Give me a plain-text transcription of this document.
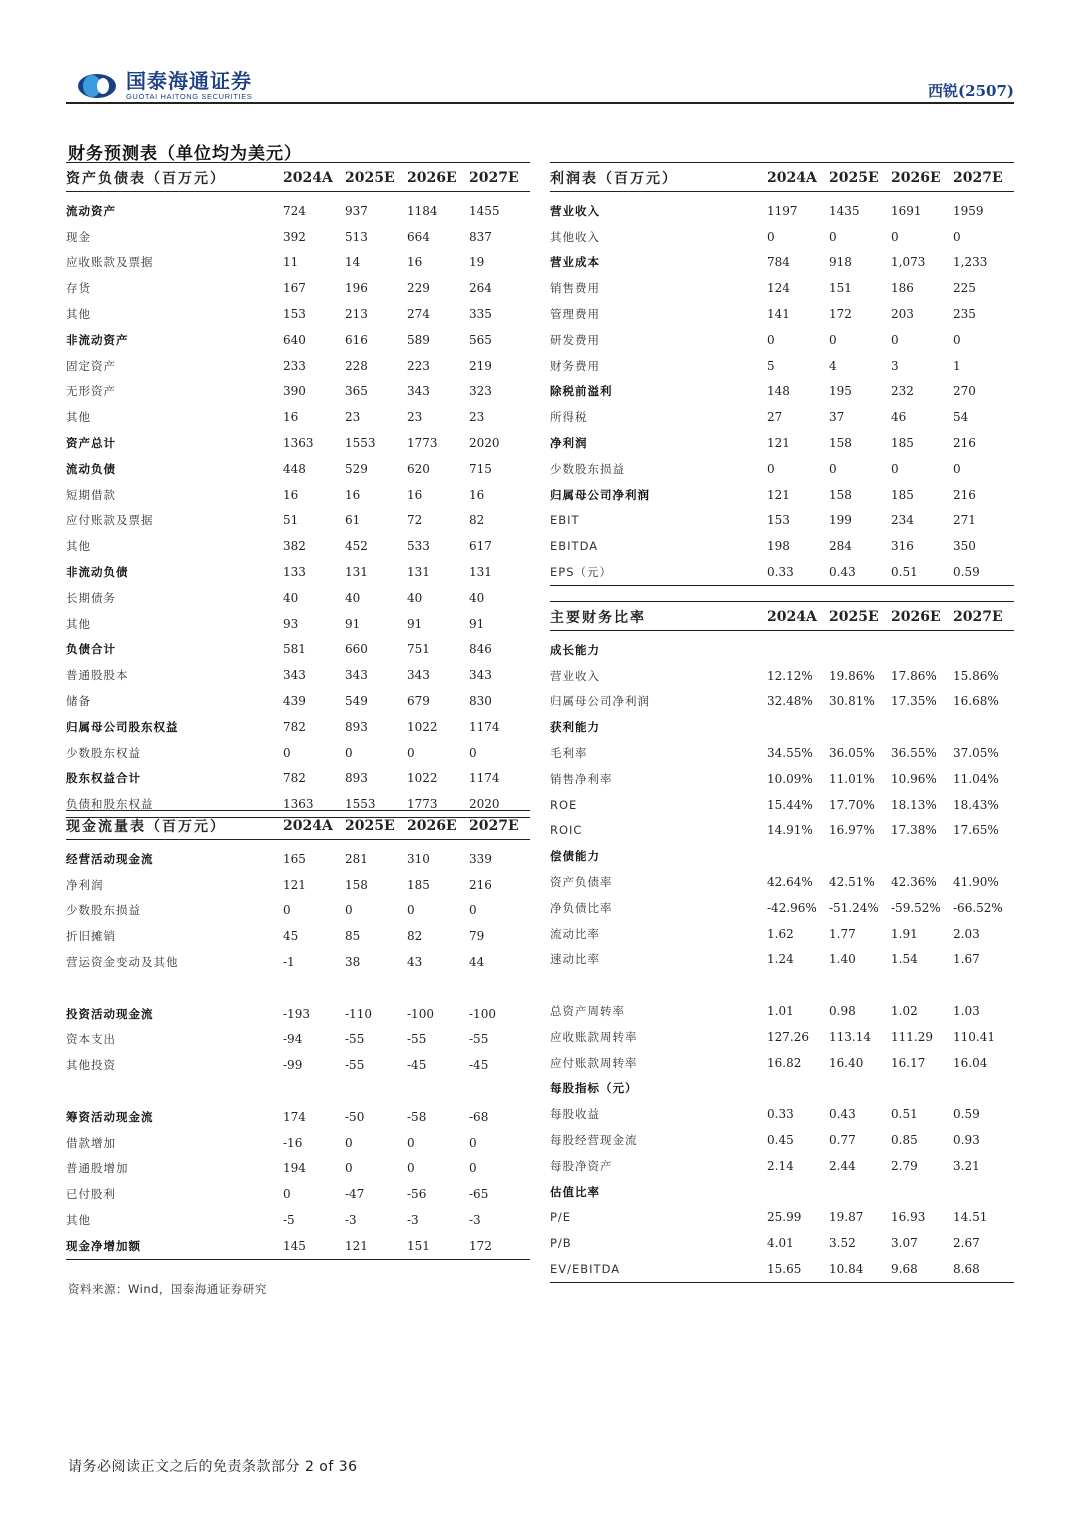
国泰海通证券
GUOTAI HAITONG SECURITIES	西锐(2507)
财务预测表（单位均为美元）
资产负债表（百万元）	2024A	2025E	2026E	2027E
流动资产	724	937	1184	1455
现金	392	513	664	837
应收账款及票据	11	14	16	19
存货	167	196	229	264
其他	153	213	274	335
非流动资产	640	616	589	565
固定资产	233	228	223	219
无形资产	390	365	343	323
其他	16	23	23	23
资产总计	1363	1553	1773	2020
流动负债	448	529	620	715
短期借款	16	16	16	16
应付账款及票据	51	61	72	82
其他	382	452	533	617
非流动负债	133	131	131	131
长期债务	40	40	40	40
其他	93	91	91	91
负债合计	581	660	751	846
普通股股本	343	343	343	343
储备	439	549	679	830
归属母公司股东权益	782	893	1022	1174
少数股东权益	0	0	0	0
股东权益合计	782	893	1022	1174
负债和股东权益	1363	1553	1773	2020
现金流量表（百万元）	2024A	2025E	2026E	2027E
经营活动现金流	165	281	310	339
净利润	121	158	185	216
少数股东损益	0	0	0	0
折旧摊销	45	85	82	79
营运资金变动及其他	-1	38	43	44

投资活动现金流	-193	-110	-100	-100
资本支出	-94	-55	-55	-55
其他投资	-99	-55	-45	-45

筹资活动现金流	174	-50	-58	-68
借款增加	-16	0	0	0
普通股增加	194	0	0	0
已付股利	0	-47	-56	-65
其他	-5	-3	-3	-3
现金净增加额	145	121	151	172
利润表（百万元）	2024A	2025E	2026E	2027E
营业收入	1197	1435	1691	1959
其他收入	0	0	0	0
营业成本	784	918	1,073	1,233
销售费用	124	151	186	225
管理费用	141	172	203	235
研发费用	0	0	0	0
财务费用	5	4	3	1
除税前溢利	148	195	232	270
所得税	27	37	46	54
净利润	121	158	185	216
少数股东损益	0	0	0	0
归属母公司净利润	121	158	185	216
EBIT	153	199	234	271
EBITDA	198	284	316	350
EPS（元）	0.33	0.43	0.51	0.59
主要财务比率	2024A	2025E	2026E	2027E
成长能力				
营业收入	12.12%	19.86%	17.86%	15.86%
归属母公司净利润	32.48%	30.81%	17.35%	16.68%
获利能力				
毛利率	34.55%	36.05%	36.55%	37.05%
销售净利率	10.09%	11.01%	10.96%	11.04%
ROE	15.44%	17.70%	18.13%	18.43%
ROIC	14.91%	16.97%	17.38%	17.65%
偿债能力				
资产负债率	42.64%	42.51%	42.36%	41.90%
净负债比率	-42.96%	-51.24%	-59.52%	-66.52%
流动比率	1.62	1.77	1.91	2.03
速动比率	1.24	1.40	1.54	1.67

总资产周转率	1.01	0.98	1.02	1.03
应收账款周转率	127.26	113.14	111.29	110.41
应付账款周转率	16.82	16.40	16.17	16.04
每股指标（元）				
每股收益	0.33	0.43	0.51	0.59
每股经营现金流	0.45	0.77	0.85	0.93
每股净资产	2.14	2.44	2.79	3.21
估值比率				
P/E	25.99	19.87	16.93	14.51
P/B	4.01	3.52	3.07	2.67
EV/EBITDA	15.65	10.84	9.68	8.68
资料来源：Wind，国泰海通证券研究
请务必阅读正文之后的免责条款部分 2 of 36
